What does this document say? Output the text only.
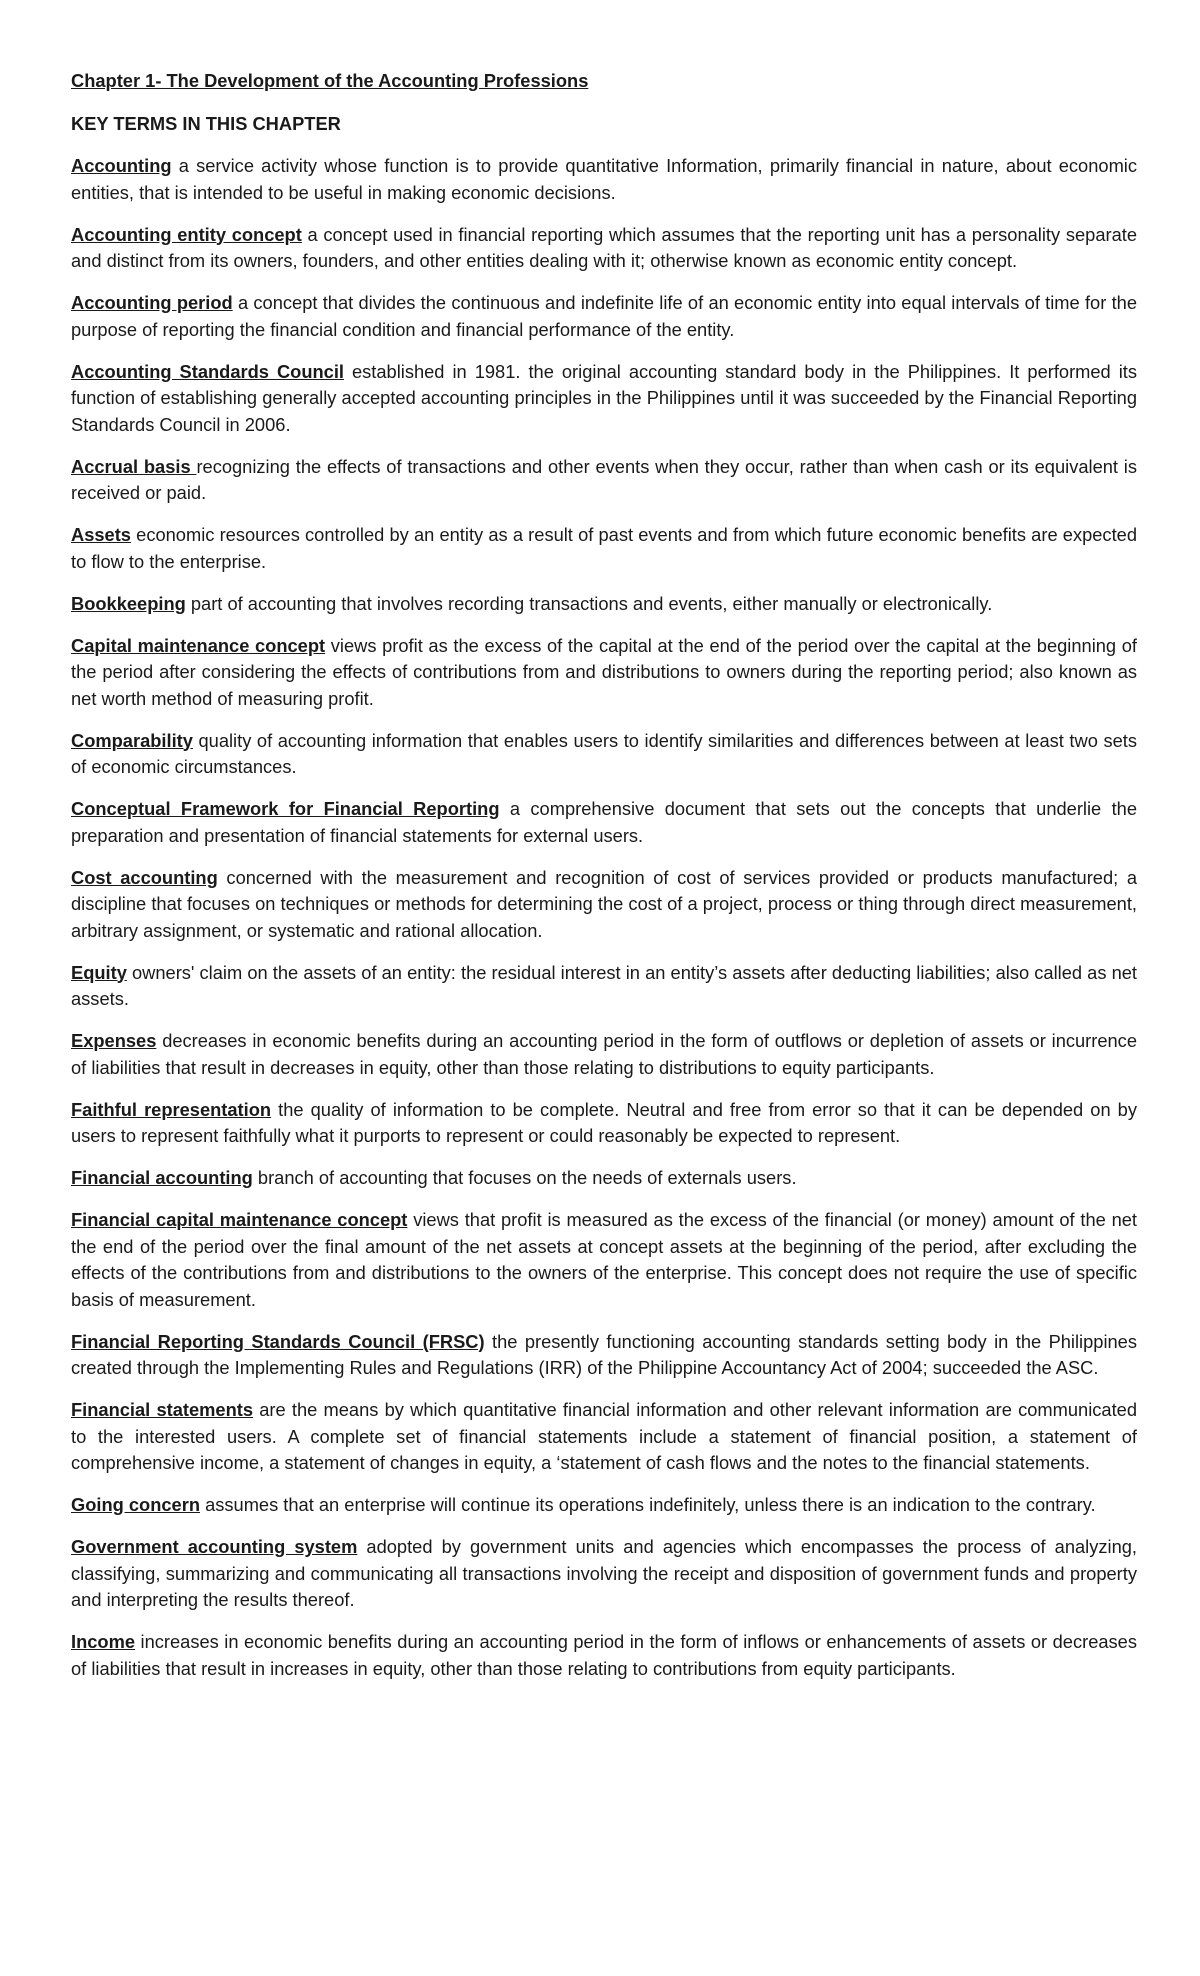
Chapter 1- The Development of the Accounting Professions

KEY TERMS IN THIS CHAPTER

Accounting a service activity whose function is to provide quantitative Information, primarily financial in nature, about economic entities, that is intended to be useful in making economic decisions.

Accounting entity concept a concept used in financial reporting which assumes that the reporting unit has a personality separate and distinct from its owners, founders, and other entities dealing with it; otherwise known as economic entity concept.

Accounting period a concept that divides the continuous and indefinite life of an economic entity into equal intervals of time for the purpose of reporting the financial condition and financial performance of the entity.

Accounting Standards Council established in 1981. the original accounting standard body in the Philippines. It performed its function of establishing generally accepted accounting principles in the Philippines until it was succeeded by the Financial Reporting Standards Council in 2006.

Accrual basis recognizing the effects of transactions and other events when they occur, rather than when cash or its equivalent is received or paid.

Assets economic resources controlled by an entity as a result of past events and from which future economic benefits are expected to flow to the enterprise.

Bookkeeping part of accounting that involves recording transactions and events, either manually or electronically.

Capital maintenance concept views profit as the excess of the capital at the end of the period over the capital at the beginning of the period after considering the effects of contributions from and distributions to owners during the reporting period; also known as net worth method of measuring profit.

Comparability quality of accounting information that enables users to identify similarities and differences between at least two sets of economic circumstances.

Conceptual Framework for Financial Reporting a comprehensive document that sets out the concepts that underlie the preparation and presentation of financial statements for external users.

Cost accounting concerned with the measurement and recognition of cost of services provided or products manufactured; a discipline that focuses on techniques or methods for determining the cost of a project, process or thing through direct measurement, arbitrary assignment, or systematic and rational allocation.

Equity owners' claim on the assets of an entity: the residual interest in an entity’s assets after deducting liabilities; also called as net assets.

Expenses decreases in economic benefits during an accounting period in the form of outflows or depletion of assets or incurrence of liabilities that result in decreases in equity, other than those relating to distributions to equity participants.

Faithful representation the quality of information to be complete. Neutral and free from error so that it can be depended on by users to represent faithfully what it purports to represent or could reasonably be expected to represent.

Financial accounting branch of accounting that focuses on the needs of externals users.

Financial capital maintenance concept views that profit is measured as the excess of the financial (or money) amount of the net the end of the period over the final amount of the net assets at concept assets at the beginning of the period, after excluding the effects of the contributions from and distributions to the owners of the enterprise. This concept does not require the use of specific basis of measurement.

Financial Reporting Standards Council (FRSC) the presently functioning accounting standards setting body in the Philippines created through the Implementing Rules and Regulations (IRR) of the Philippine Accountancy Act of 2004; succeeded the ASC.

Financial statements are the means by which quantitative financial information and other relevant information are communicated to the interested users. A complete set of financial statements include a statement of financial position, a statement of comprehensive income, a statement of changes in equity, a ‘statement of cash flows and the notes to the financial statements.

Going concern assumes that an enterprise will continue its operations indefinitely, unless there is an indication to the contrary.

Government accounting system adopted by government units and agencies which encompasses the process of analyzing, classifying, summarizing and communicating all transactions involving the receipt and disposition of government funds and property and interpreting the results thereof.

Income increases in economic benefits during an accounting period in the form of inflows or enhancements of assets or decreases of liabilities that result in increases in equity, other than those relating to contributions from equity participants.
